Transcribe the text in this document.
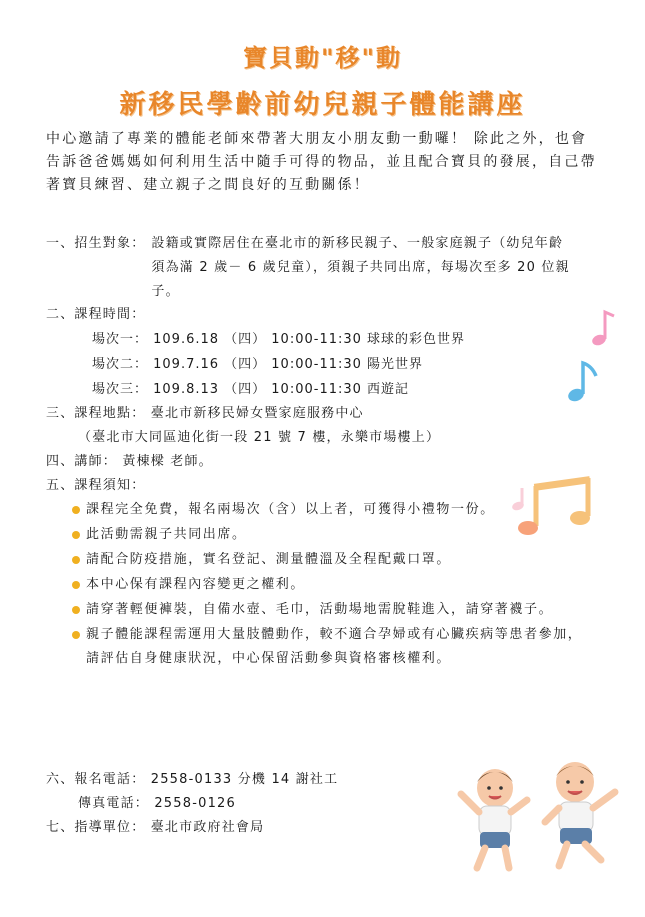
寶貝動"移"動
新移民學齡前幼兒親子體能講座

中心邀請了專業的體能老師來帶著大朋友小朋友動一動囉！ 除此之外，也會告訴爸爸媽媽如何利用生活中隨手可得的物品，並且配合寶貝的發展，自己帶著寶貝練習、建立親子之間良好的互動關係！

一、招生對象： 設籍或實際居住在臺北市的新移民親子、一般家庭親子（幼兒年齡須為滿 2 歲－ 6 歲兒童），須親子共同出席，每場次至多 20 位親子。
二、課程時間：
場次一： 109.6.18 （四） 10:00-11:30 球球的彩色世界
場次二： 109.7.16 （四） 10:00-11:30 陽光世界
場次三： 109.8.13 （四） 10:00-11:30 西遊記
三、課程地點： 臺北市新移民婦女暨家庭服務中心
（臺北市大同區迪化街一段 21 號 7 樓，永樂市場樓上）
四、講師： 黃棟樑 老師。
五、課程須知：
課程完全免費，報名兩場次（含）以上者，可獲得小禮物一份。
此活動需親子共同出席。
請配合防疫措施，實名登記、測量體溫及全程配戴口罩。
本中心保有課程內容變更之權利。
請穿著輕便褲裝，自備水壺、毛巾，活動場地需脫鞋進入，請穿著襪子。
親子體能課程需運用大量肢體動作，較不適合孕婦或有心臟疾病等患者參加，請評估自身健康狀況，中心保留活動參與資格審核權利。
六、報名電話： 2558-0133 分機 14 謝社工
傳真電話： 2558-0126
七、指導單位： 臺北市政府社會局
